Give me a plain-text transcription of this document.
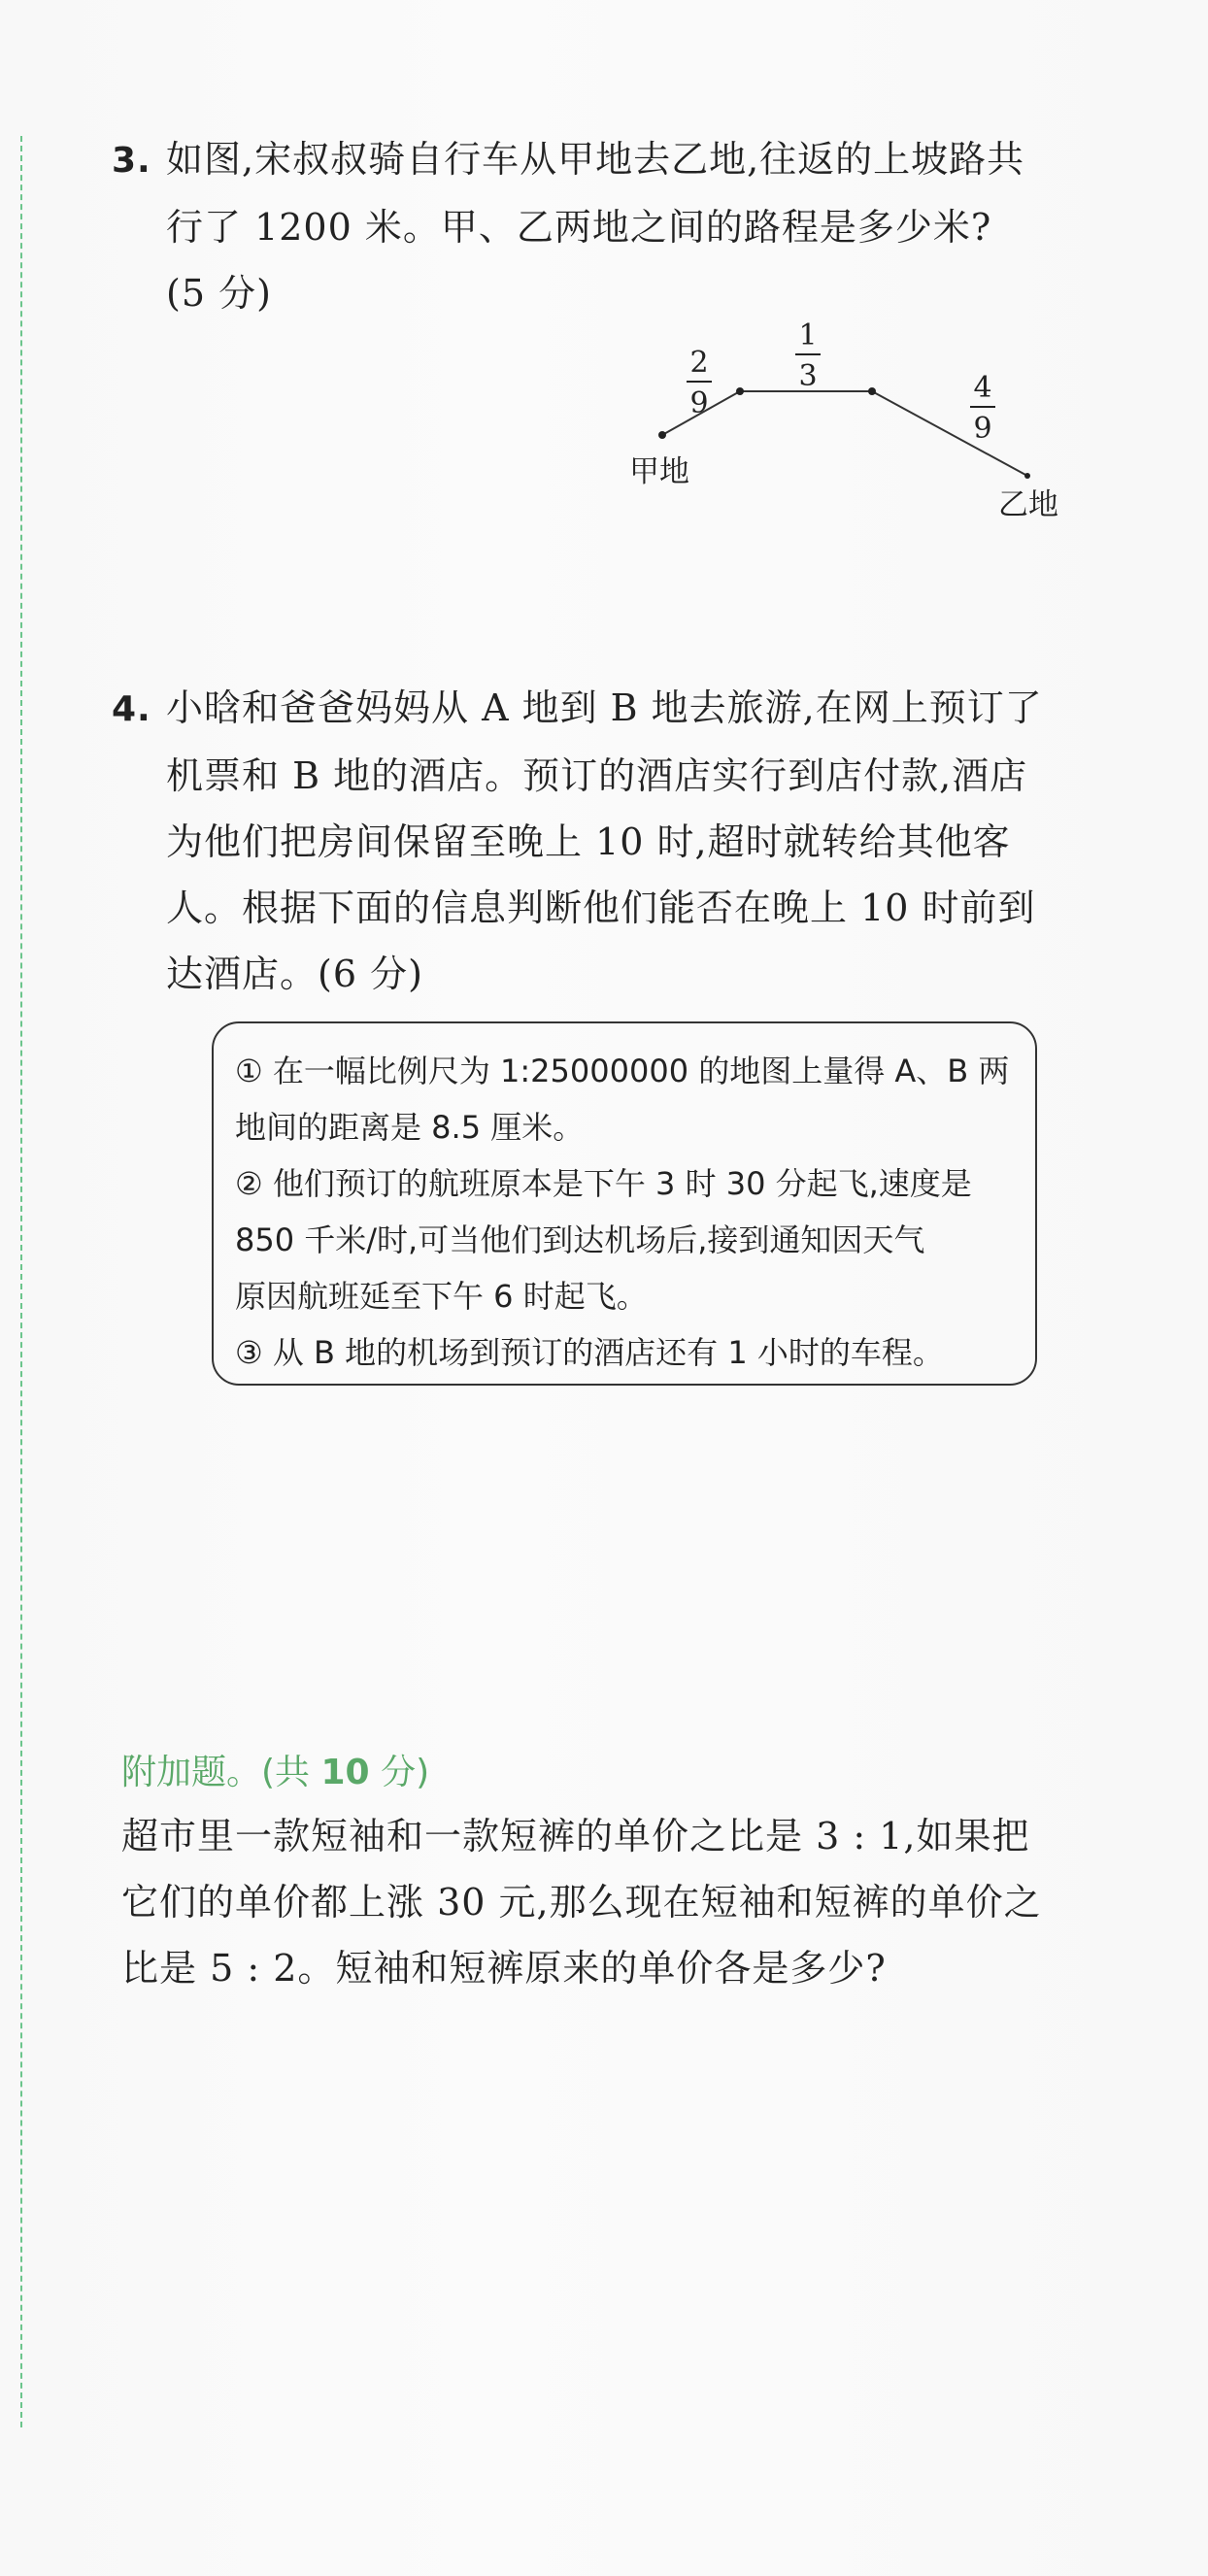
3. 如图,宋叔叔骑自行车从甲地去乙地,往返的上坡路共
行了 1200 米。甲、乙两地之间的路程是多少米?
(5 分)
2
9
1
3	4
9
甲地
乙地
4. 小晗和爸爸妈妈从 A 地到 B 地去旅游,在网上预订了
机票和 B 地的酒店。预订的酒店实行到店付款,酒店
为他们把房间保留至晚上 10 时,超时就转给其他客
人。根据下面的信息判断他们能否在晚上 10 时前到
达酒店。(6 分)
① 在一幅比例尺为 1:25000000 的地图上量得 A、B 两
地间的距离是 8.5 厘米。
② 他们预订的航班原本是下午 3 时 30 分起飞,速度是
850 千米/时,可当他们到达机场后,接到通知因天气
原因航班延至下午 6 时起飞。
③ 从 B 地的机场到预订的酒店还有 1 小时的车程。
附加题。(共 10 分)
超市里一款短袖和一款短裤的单价之比是 3 : 1,如果把
它们的单价都上涨 30 元,那么现在短袖和短裤的单价之
比是 5 : 2。短袖和短裤原来的单价各是多少?
